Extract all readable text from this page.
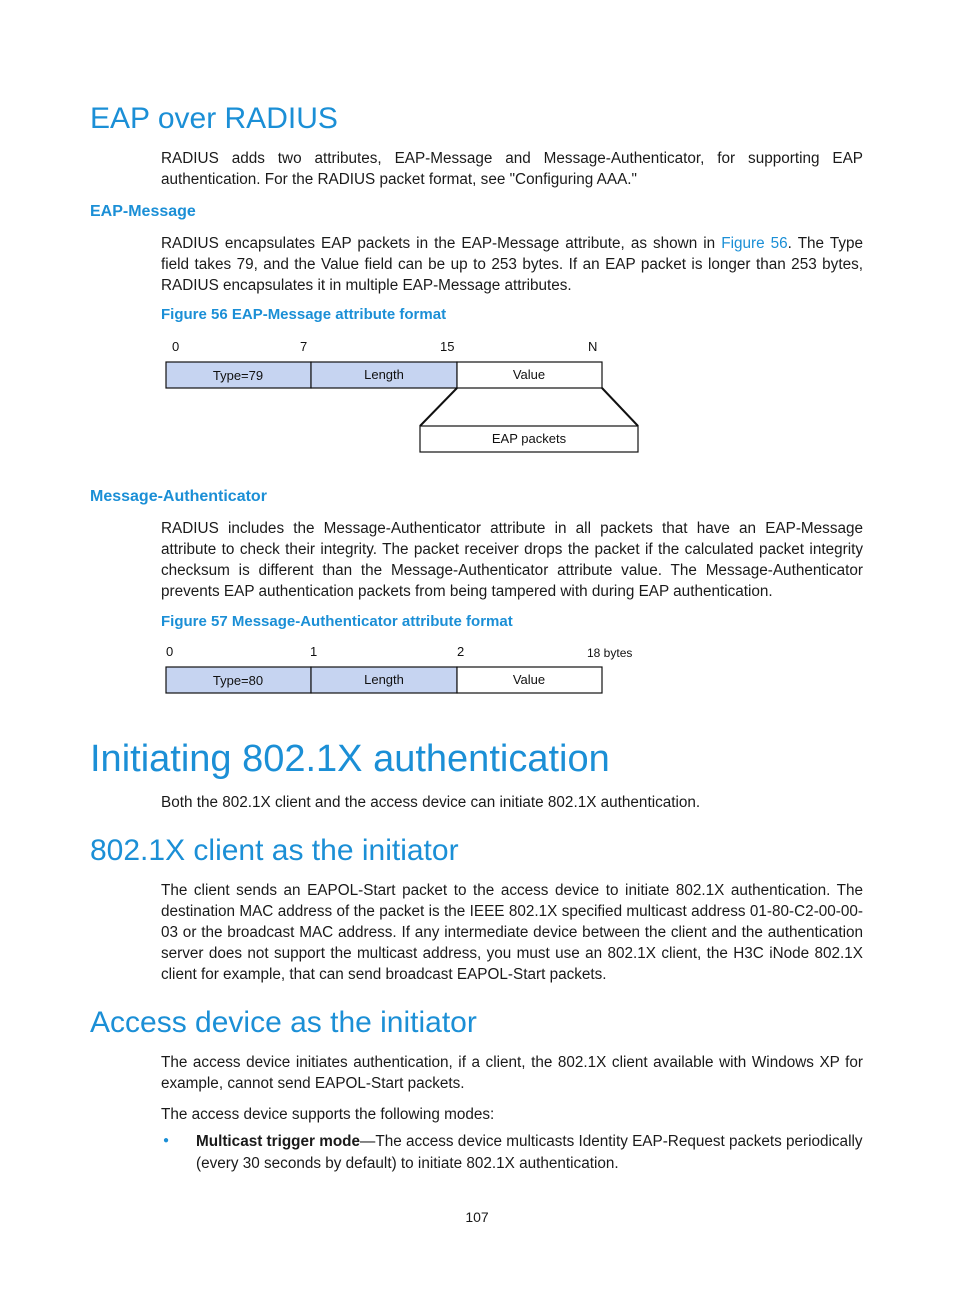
EAP over RADIUS

RADIUS adds two attributes, EAP-Message and Message-Authenticator, for supporting EAP authentication. For the RADIUS packet format, see "Configuring AAA."

EAP-Message

RADIUS encapsulates EAP packets in the EAP-Message attribute, as shown in Figure 56. The Type field takes 79, and the Value field can be up to 253 bytes. If an EAP packet is longer than 253 bytes, RADIUS encapsulates it in multiple EAP-Message attributes.

Figure 56 EAP-Message attribute format

0	7	15	N
Type=79	Length	Value
EAP packets
Message-Authenticator

RADIUS includes the Message-Authenticator attribute in all packets that have an EAP-Message attribute to check their integrity. The packet receiver drops the packet if the calculated packet integrity checksum is different than the Message-Authenticator attribute value. The Message-Authenticator prevents EAP authentication packets from being tampered with during EAP authentication.

Figure 57 Message-Authenticator attribute format

0	1	2	18 bytes
Type=80	Length	Value
Initiating 802.1X authentication

Both the 802.1X client and the access device can initiate 802.1X authentication.

802.1X client as the initiator

The client sends an EAPOL-Start packet to the access device to initiate 802.1X authentication. The destination MAC address of the packet is the IEEE 802.1X specified multicast address 01-80-C2-00-00-03 or the broadcast MAC address. If any intermediate device between the client and the authentication server does not support the multicast address, you must use an 802.1X client, the H3C iNode 802.1X client for example, that can send broadcast EAPOL-Start packets.

Access device as the initiator

The access device initiates authentication, if a client, the 802.1X client available with Windows XP for example, cannot send EAPOL-Start packets.

The access device supports the following modes:

● Multicast trigger mode—The access device multicasts Identity EAP-Request packets periodically (every 30 seconds by default) to initiate 802.1X authentication.

107
